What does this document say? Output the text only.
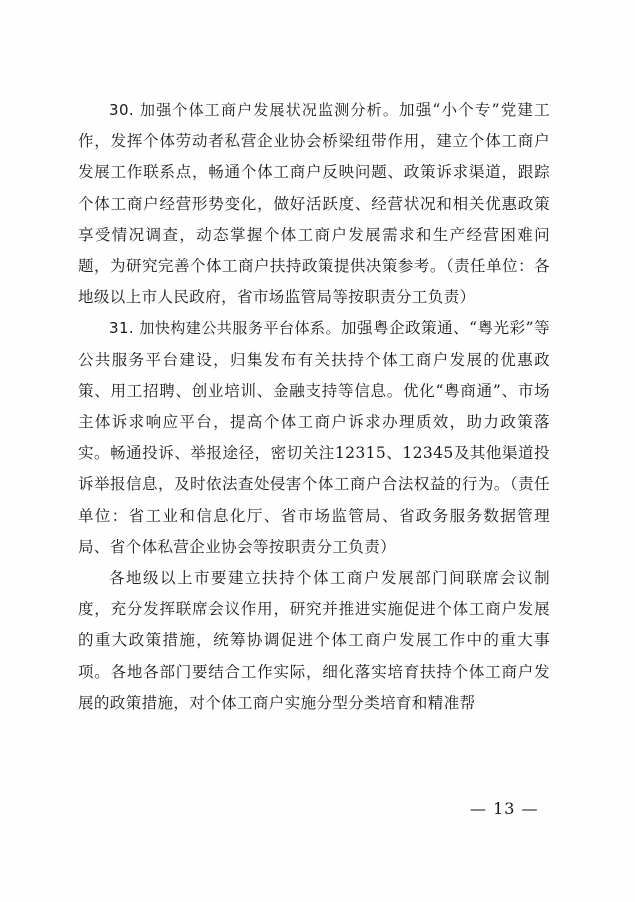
30. 加强个体工商户发展状况监测分析。加强“小个专”党建工作，发挥个体劳动者私营企业协会桥梁纽带作用，建立个体工商户发展工作联系点，畅通个体工商户反映问题、政策诉求渠道，跟踪个体工商户经营形势变化，做好活跃度、经营状况和相关优惠政策享受情况调查，动态掌握个体工商户发展需求和生产经营困难问题，为研究完善个体工商户扶持政策提供决策参考。（责任单位：各地级以上市人民政府，省市场监管局等按职责分工负责）

31. 加快构建公共服务平台体系。加强粤企政策通、“粤光彩”等公共服务平台建设，归集发布有关扶持个体工商户发展的优惠政策、用工招聘、创业培训、金融支持等信息。优化“粤商通”、市场主体诉求响应平台，提高个体工商户诉求办理质效，助力政策落实。畅通投诉、举报途径，密切关注12315、12345及其他渠道投诉举报信息，及时依法查处侵害个体工商户合法权益的行为。（责任单位：省工业和信息化厅、省市场监管局、省政务服务数据管理局、省个体私营企业协会等按职责分工负责）

各地级以上市要建立扶持个体工商户发展部门间联席会议制度，充分发挥联席会议作用，研究并推进实施促进个体工商户发展的重大政策措施，统筹协调促进个体工商户发展工作中的重大事项。各地各部门要结合工作实际，细化落实培育扶持个体工商户发展的政策措施，对个体工商户实施分型分类培育和精准帮

— 13 —
